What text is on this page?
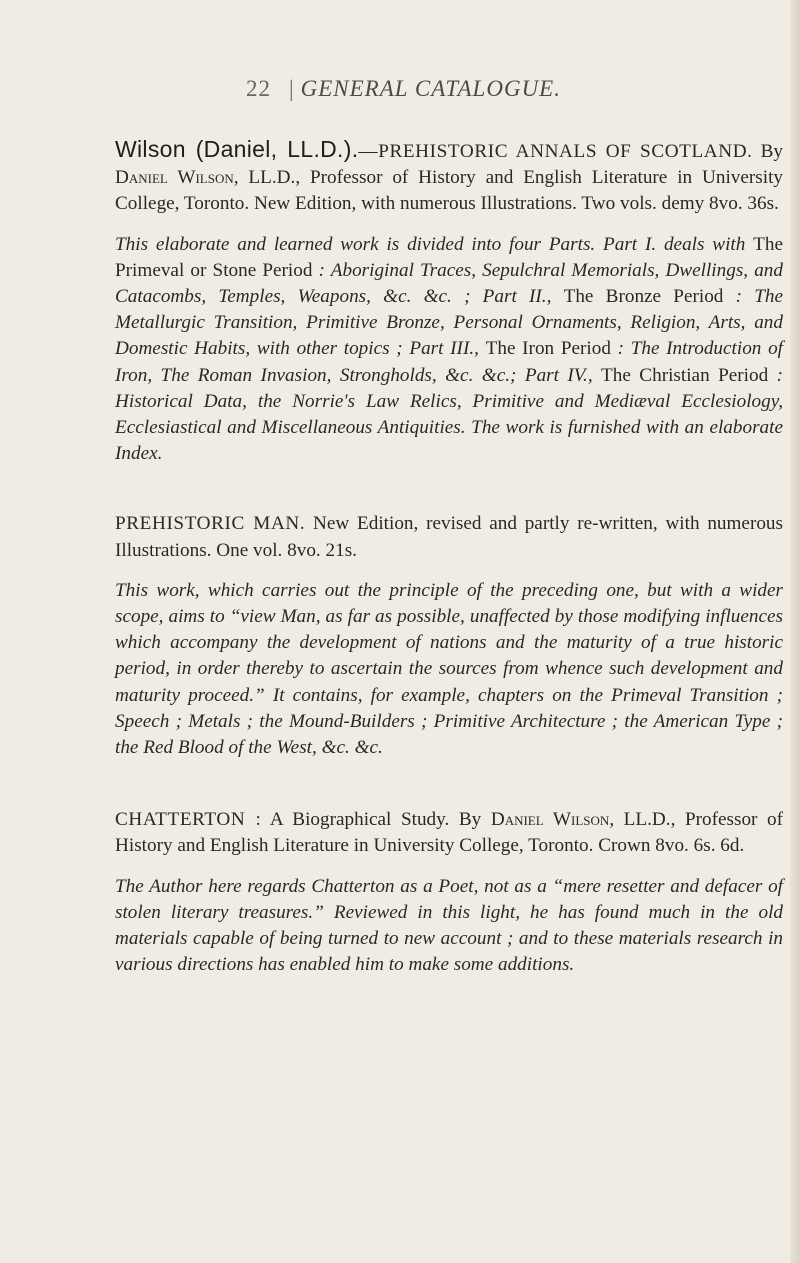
22 | GENERAL CATALOGUE.

Wilson (Daniel, LL.D.).—PREHISTORIC ANNALS OF SCOTLAND. By Daniel Wilson, LL.D., Professor of History and English Literature in University College, Toronto. New Edition, with numerous Illustrations. Two vols. demy 8vo. 36s.

This elaborate and learned work is divided into four Parts. Part I. deals with The Primeval or Stone Period : Aboriginal Traces, Sepulchral Memorials, Dwellings, and Catacombs, Temples, Weapons, &c. &c. ; Part II., The Bronze Period : The Metallurgic Transition, Primitive Bronze, Personal Ornaments, Religion, Arts, and Domestic Habits, with other topics ; Part III., The Iron Period : The Introduction of Iron, The Roman Invasion, Strongholds, &c. &c.; Part IV., The Christian Period : Historical Data, the Norrie's Law Relics, Primitive and Mediæval Ecclesiology, Ecclesiastical and Miscellaneous Antiquities. The work is furnished with an elaborate Index.

PREHISTORIC MAN. New Edition, revised and partly re-written, with numerous Illustrations. One vol. 8vo. 21s.

This work, which carries out the principle of the preceding one, but with a wider scope, aims to “view Man, as far as possible, unaffected by those modifying influences which accompany the development of nations and the maturity of a true historic period, in order thereby to ascertain the sources from whence such development and maturity proceed.” It contains, for example, chapters on the Primeval Transition ; Speech ; Metals ; the Mound-Builders ; Primitive Architecture ; the American Type ; the Red Blood of the West, &c. &c.

CHATTERTON : A Biographical Study. By Daniel Wilson, LL.D., Professor of History and English Literature in University College, Toronto. Crown 8vo. 6s. 6d.

The Author here regards Chatterton as a Poet, not as a “mere resetter and defacer of stolen literary treasures.” Reviewed in this light, he has found much in the old materials capable of being turned to new account ; and to these materials research in various directions has enabled him to make some additions.
